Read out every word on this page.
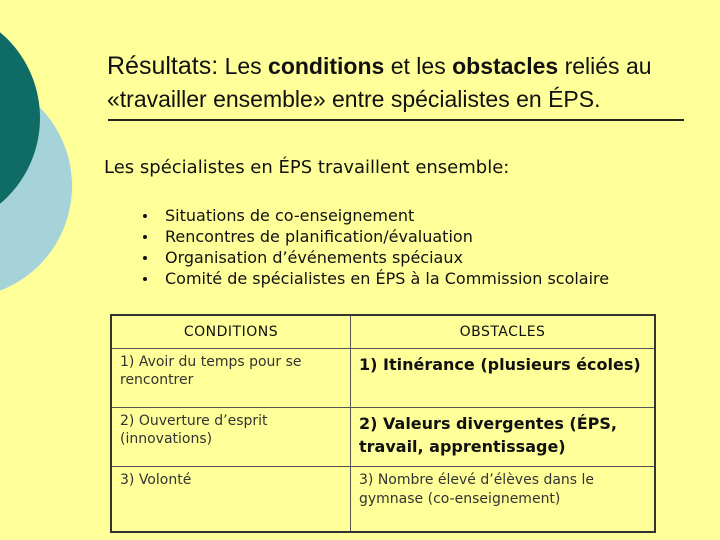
Résultats: Les conditions et les obstacles reliés au
«travailler ensemble» entre spécialistes en ÉPS.
Les spécialistes en ÉPS travaillent ensemble:
Situations de co-enseignement
Rencontres de planification/évaluation
Organisation d’événements spéciaux
Comité de spécialistes en ÉPS à la Commission scolaire
CONDITIONS	OBSTACLES
1) Avoir du temps pour se rencontrer	1) Itinérance (plusieurs écoles)
2) Ouverture d’esprit (innovations)	2) Valeurs divergentes (ÉPS, travail, apprentissage)
3) Volonté	3) Nombre élevé d’élèves dans le gymnase (co-enseignement)
